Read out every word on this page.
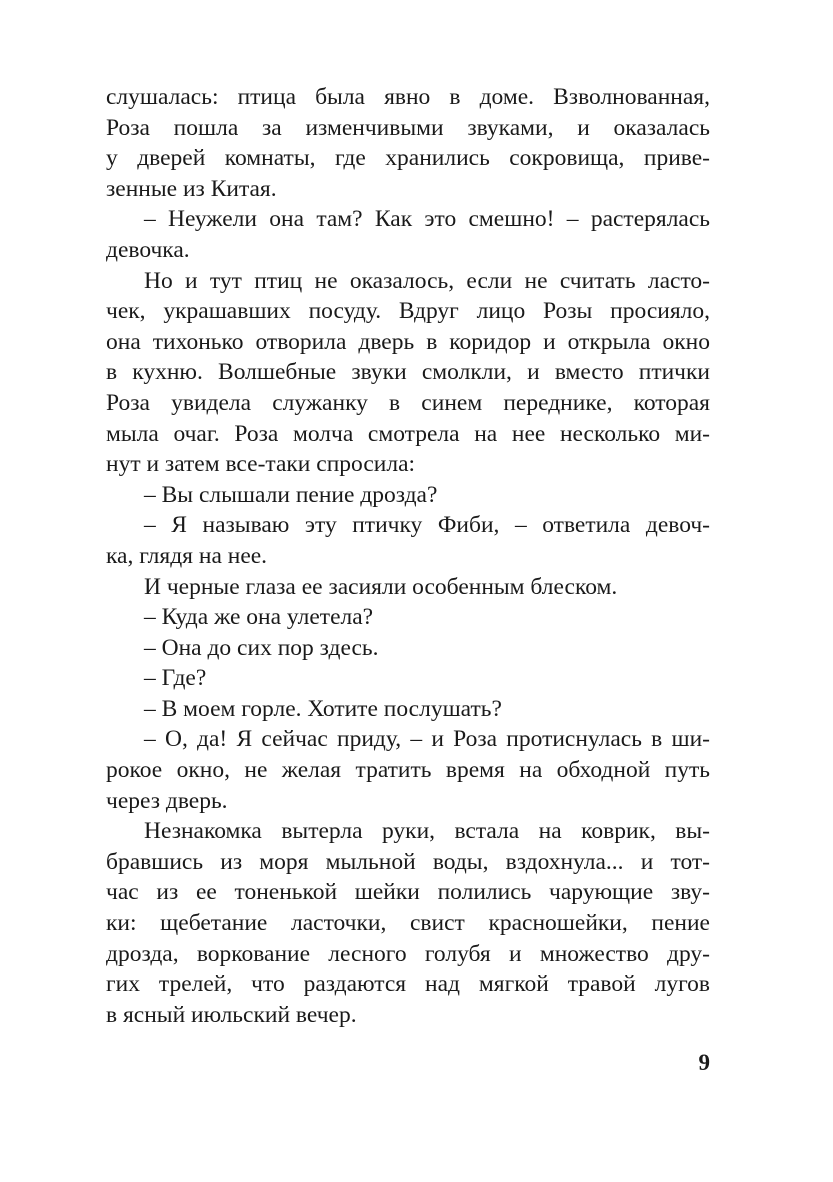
слушалась: птица была явно в доме. Взволнованная,
Роза пошла за изменчивыми звуками, и оказалась
у дверей комнаты, где хранились сокровища, приве-
зенные из Китая.
– Неужели она там? Как это смешно! – растерялась
девочка.
Но и тут птиц не оказалось, если не считать ласто-
чек, украшавших посуду. Вдруг лицо Розы просияло,
она тихонько отворила дверь в коридор и открыла окно
в кухню. Волшебные звуки смолкли, и вместо птички
Роза увидела служанку в синем переднике, которая
мыла очаг. Роза молча смотрела на нее несколько ми-
нут и затем все-таки спросила:
– Вы слышали пение дрозда?
– Я называю эту птичку Фиби, – ответила девоч-
ка, глядя на нее.
И черные глаза ее засияли особенным блеском.
– Куда же она улетела?
– Она до сих пор здесь.
– Где?
– В моем горле. Хотите послушать?
– О, да! Я сейчас приду, – и Роза протиснулась в ши-
рокое окно, не желая тратить время на обходной путь
через дверь.
Незнакомка вытерла руки, встала на коврик, вы-
бравшись из моря мыльной воды, вздохнула... и тот-
час из ее тоненькой шейки полились чарующие зву-
ки: щебетание ласточки, свист красношейки, пение
дрозда, воркование лесного голубя и множество дру-
гих трелей, что раздаются над мягкой травой лугов
в ясный июльский вечер.
9
